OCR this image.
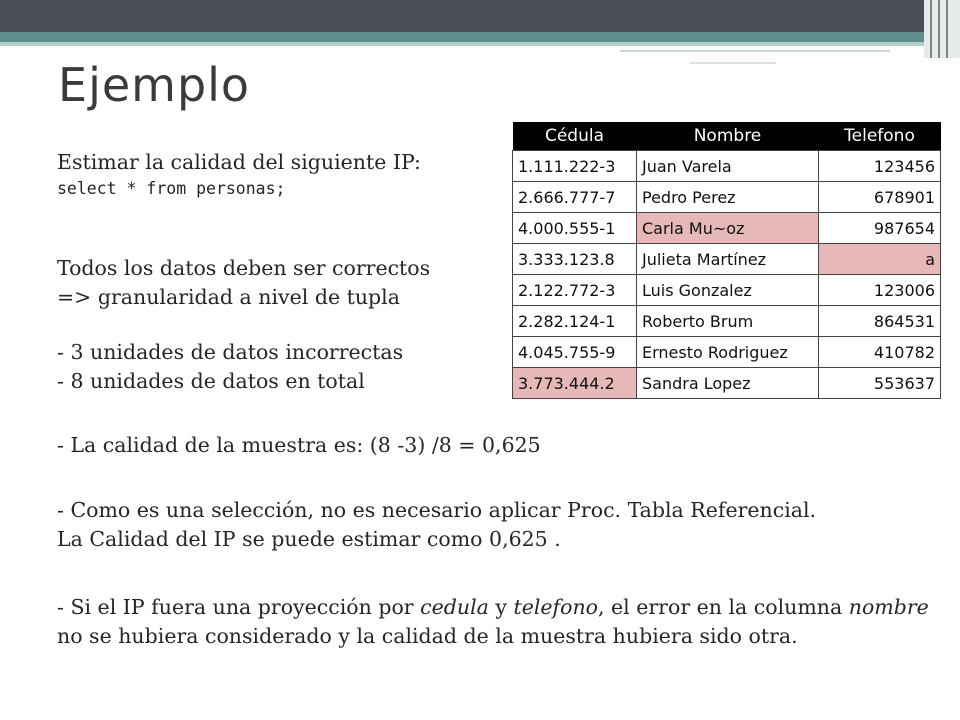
Ejemplo
Estimar la calidad del siguiente IP:
select * from personas;
Todos los datos deben ser correctos
=> granularidad a nivel de tupla
- 3 unidades de datos incorrectas
- 8 unidades de datos en total
- La calidad de la muestra es: (8 -3) /8 = 0,625
- Como es una selección, no es necesario aplicar Proc. Tabla Referencial.
La Calidad del IP se puede estimar como 0,625 .
- Si el IP fuera una proyección por cedula y telefono, el error en la columna nombre no se hubiera considerado y la calidad de la muestra hubiera sido otra.
Cédula	Nombre	Telefono
1.111.222-3	Juan Varela	123456
2.666.777-7	Pedro Perez	678901
4.000.555-1	Carla Mu~oz	987654
3.333.123.8	Julieta Martínez	a
2.122.772-3	Luis Gonzalez	123006
2.282.124-1	Roberto Brum	864531
4.045.755-9	Ernesto Rodriguez	410782
3.773.444.2	Sandra Lopez	553637
